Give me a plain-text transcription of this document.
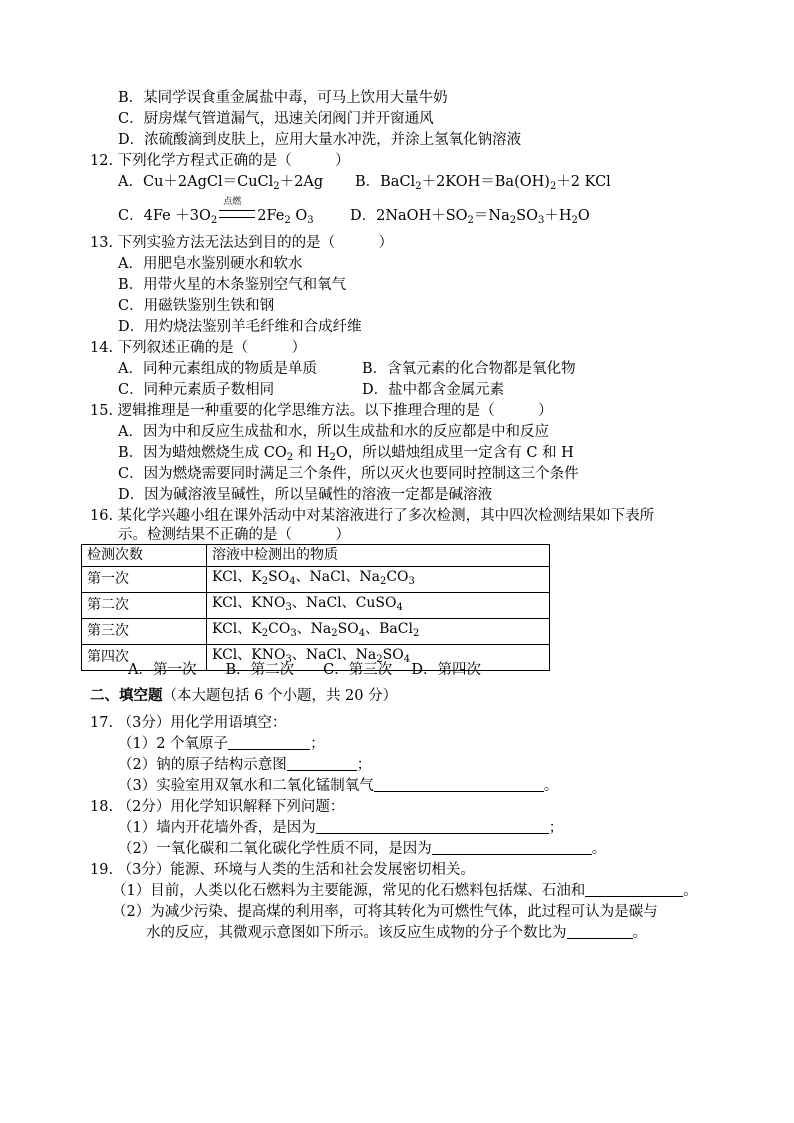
B．某同学误食重金属盐中毒，可马上饮用大量牛奶
C．厨房煤气管道漏气，迅速关闭阀门并开窗通风
D．浓硫酸滴到皮肤上，应用大量水冲洗，并涂上氢氧化钠溶液
12. 下列化学方程式正确的是（　　　）
A．Cu＋2AgCl＝CuCl$_2$＋2Ag B．$BaCl_2+2KOH=Ba(OH)_2+2$ KCl
C．$4Fe +3O_2$
点燃
$2Fe_2$ $O_3$	D．$2NaOH+SO_2=Na_2SO_3+H_2O$
13. 下列实验方法无法达到目的的是（　　　）
A．用肥皂水鉴别硬水和软水
B．用带火星的木条鉴别空气和氧气
C．用磁铁鉴别生铁和钢
D．用灼烧法鉴别羊毛纤维和合成纤维
14. 下列叙述正确的是（　　　）
A．同种元素组成的物质是单质	B．含氧元素的化合物都是氧化物
C．同种元素质子数相同	D．盐中都含金属元素
15. 逻辑推理是一种重要的化学思维方法。以下推理合理的是（　　　）
A．因为中和反应生成盐和水，所以生成盐和水的反应都是中和反应
B．因为蜡烛燃烧生成 $CO_2$ 和 $H_2O$，所以蜡烛组成里一定含有 C 和 H
C．因为燃烧需要同时满足三个条件，所以灭火也要同时控制这三个条件
D．因为碱溶液呈碱性，所以呈碱性的溶液一定都是碱溶液
16. 某化学兴趣小组在课外活动中对某溶液进行了多次检测，其中四次检测结果如下表所
示。检测结果不正确的是（　　　）
检测次数	溶液中检测出的物质
第一次	KCl、$K_2SO_4$、NaCl、$Na_2CO_3$
第二次	KCl、$KNO_3$、NaCl、CuSO$_4$
第三次	KCl、$K_2CO_3$、$Na_2SO_4$、BaCl$_2$
第四次	KCl、$KNO_3$、NaCl、$Na_2SO_4$
A．第一次　　B．第二次　　C．第三次　 D．第四次
二、填空题（本大题包括 6 个小题，共 20 分）
17. （3分）用化学用语填空：
（1）2 个氧原子	；
（2）钠的原子结构示意图	；
（3）实验室用双氧水和二氧化锰制氧气	。
18. （2分）用化学知识解释下列问题：
（1）墙内开花墙外香，是因为	；
（2）一氧化碳和二氧化碳化学性质不同，是因为	。
19. （3分）能源、环境与人类的生活和社会发展密切相关。
（1）目前，人类以化石燃料为主要能源，常见的化石燃料包括煤、石油和	。
（2）为减少污染、提高煤的利用率，可将其转化为可燃性气体，此过程可认为是碳与
水的反应，其微观示意图如下所示。该反应生成物的分子个数比为	。
